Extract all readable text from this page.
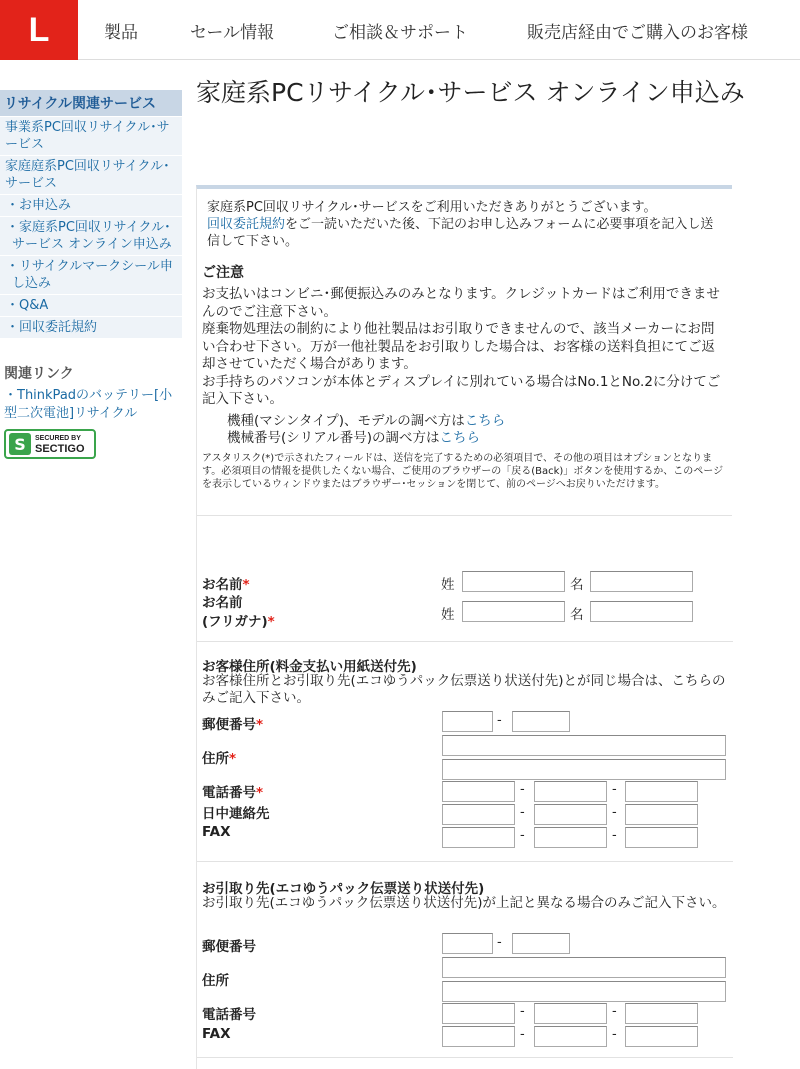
L	製品	セール情報	ご相談＆サポート	販売店経由でご購入のお客様
リサイクル関連サービス
事業系PC回収リサイクル･サービス
家庭庭系PC回収リサイクル･サービス
・お申込み
・家庭系PC回収リサイクル･サービス オンライン申込み
・リサイクルマークシール申し込み
・Q&A
・回収委託規約
関連リンク
・ThinkPadのバッテリー[小型二次電池]リサイクル
S	SECURED BY
SECTIGO
家庭系PCリサイクル･サービス オンライン申込み
家庭系PC回収リサイクル･サービスをご利用いただきありがとうございます。
回収委託規約をご一読いただいた後、下記のお申し込みフォームに必要事項を記入し送信して下さい。
ご注意
お支払いはコンビニ･郵便振込みのみとなります。クレジットカードはご利用できませんのでご注意下さい。
廃棄物処理法の制約により他社製品はお引取りできませんので、該当メーカーにお問い合わせ下さい。万が一他社製品をお引取りした場合は、お客様の送料負担にてご返却させていただく場合があります。
お手持ちのパソコンが本体とディスプレイに別れている場合はNo.1とNo.2に分けてご記入下さい。
機種(マシンタイプ)、モデルの調べ方はこちら
機械番号(シリアル番号)の調べ方はこちら
アスタリスク(*)で示されたフィールドは、送信を完了するための必須項目で、その他の項目はオプションとなります。必須項目の情報を提供したくない場合、ご使用のブラウザーの「戻る(Back)」ボタンを使用するか、このページを表示しているウィンドウまたはブラウザー･セッションを閉じて、前のページへお戻りいただけます。
お名前*	姓	名
お名前
(フリガナ)*	姓	名
お客様住所(料金支払い用紙送付先)
お客様住所とお引取り先(エコゆうパック伝票送り状送付先)とが同じ場合は、こちらのみご記入下さい。
郵便番号*	-
住所*
電話番号*	-	-
日中連絡先	-	-
FAX	-	-
お引取り先(エコゆうパック伝票送り状送付先)
お引取り先(エコゆうパック伝票送り状送付先)が上記と異なる場合のみご記入下さい。
郵便番号	-
住所
電話番号	-	-
FAX	-	-
